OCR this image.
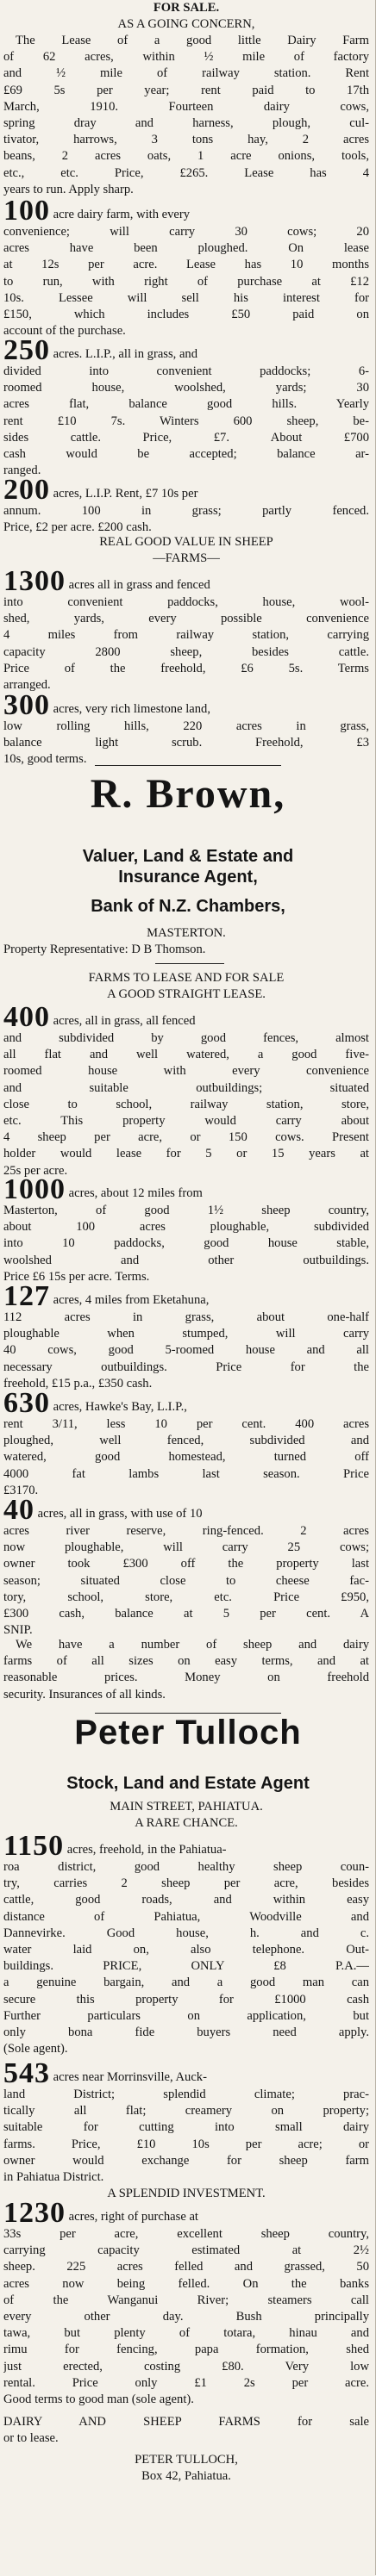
FOR SALE.
AS A GOING CONCERN,
The Lease of a good little Dairy Farm
of 62 acres, within ½ mile of factory
and ½ mile of railway station. Rent
£69 5s per year; rent paid to 17th
March, 1910. Fourteen dairy cows,
spring dray and harness, plough, cul-
tivator, harrows, 3 tons hay, 2 acres
beans, 2 acres oats, 1 acre onions, tools,
etc., etc. Price, £265. Lease has 4
years to run. Apply sharp.
100 acre dairy farm, with every
convenience; will carry 30 cows; 20
acres have been ploughed. On lease
at 12s per acre. Lease has 10 months
to run, with right of purchase at £12
10s. Lessee will sell his interest for
£150, which includes £50 paid on
account of the purchase.
250 acres. L.I.P., all in grass, and
divided into convenient paddocks; 6-
roomed house, woolshed, yards; 30
acres flat, balance good hills. Yearly
rent £10 7s. Winters 600 sheep, be-
sides cattle. Price, £7. About £700
cash would be accepted; balance ar-
ranged.
200 acres, L.I.P. Rent, £7 10s per
annum. 100 in grass; partly fenced.
Price, £2 per acre. £200 cash.
REAL GOOD VALUE IN SHEEP
—FARMS—
1300 acres all in grass and fenced
into convenient paddocks, house, wool-
shed, yards, every possible convenience
4 miles from railway station, carrying
capacity 2800 sheep, besides cattle.
Price of the freehold, £6 5s. Terms
arranged.
300 acres, very rich limestone land,
low rolling hills, 220 acres in grass,
balance light scrub. Freehold, £3
10s, good terms.
R. Brown,
Valuer, Land & Estate and
Insurance Agent,
Bank of N.Z. Chambers,
MASTERTON.
Property Representative: D B Thomson.
FARMS TO LEASE AND FOR SALE
A GOOD STRAIGHT LEASE.
400 acres, all in grass, all fenced
and subdivided by good fences, almost
all flat and well watered, a good five-
roomed house with every convenience
and suitable outbuildings; situated
close to school, railway station, store,
etc. This property would carry about
4 sheep per acre, or 150 cows. Present
holder would lease for 5 or 15 years at
25s per acre.
1000 acres, about 12 miles from
Masterton, of good 1½ sheep country,
about 100 acres ploughable, subdivided
into 10 paddocks, good house stable,
woolshed and other outbuildings.
Price £6 15s per acre. Terms.
127 acres, 4 miles from Eketahuna,
112 acres in grass, about one-half
ploughable when stumped, will carry
40 cows, good 5-roomed house and all
necessary outbuildings. Price for the
freehold, £15 p.a., £350 cash.
630 acres, Hawke's Bay, L.I.P.,
rent 3/11, less 10 per cent. 400 acres
ploughed, well fenced, subdivided and
watered, good homestead, turned off
4000 fat lambs last season. Price
£3170.
40 acres, all in grass, with use of 10
acres river reserve, ring-fenced. 2 acres
now ploughable, will carry 25 cows;
owner took £300 off the property last
season; situated close to cheese fac-
tory, school, store, etc. Price £950,
£300 cash, balance at 5 per cent. A
SNIP.
We have a number of sheep and dairy
farms of all sizes on easy terms, and at
reasonable prices. Money on freehold
security. Insurances of all kinds.
Peter Tulloch
Stock, Land and Estate Agent
MAIN STREET, PAHIATUA.
A RARE CHANCE.
1150 acres, freehold, in the Pahiatua-
roa district, good healthy sheep coun-
try, carries 2 sheep per acre, besides
cattle, good roads, and within easy
distance of Pahiatua, Woodville and
Dannevirke. Good house, h. and c.
water laid on, also telephone. Out-
buildings. PRICE, ONLY £8 P.A.—
a genuine bargain, and a good man can
secure this property for £1000 cash
Further particulars on application, but
only bona fide buyers need apply.
(Sole agent).
543 acres near Morrinsville, Auck-
land District; splendid climate; prac-
tically all flat; creamery on property;
suitable for cutting into small dairy
farms. Price, £10 10s per acre; or
owner would exchange for sheep farm
in Pahiatua District.
A SPLENDID INVESTMENT.
1230 acres, right of purchase at
33s per acre, excellent sheep country,
carrying capacity estimated at 2½
sheep. 225 acres felled and grassed, 50
acres now being felled.	On the banks
of the Wanganui River; steamers call
every other day. Bush principally
tawa, but plenty of totara, hinau and
rimu for fencing, papa formation, shed
just erected, costing £80. Very low
rental. Price only £1 2s per acre.
Good terms to good man (sole agent).
DAIRY AND SHEEP FARMS for sale
or to lease.
PETER TULLOCH,
Box 42, Pahiatua.
